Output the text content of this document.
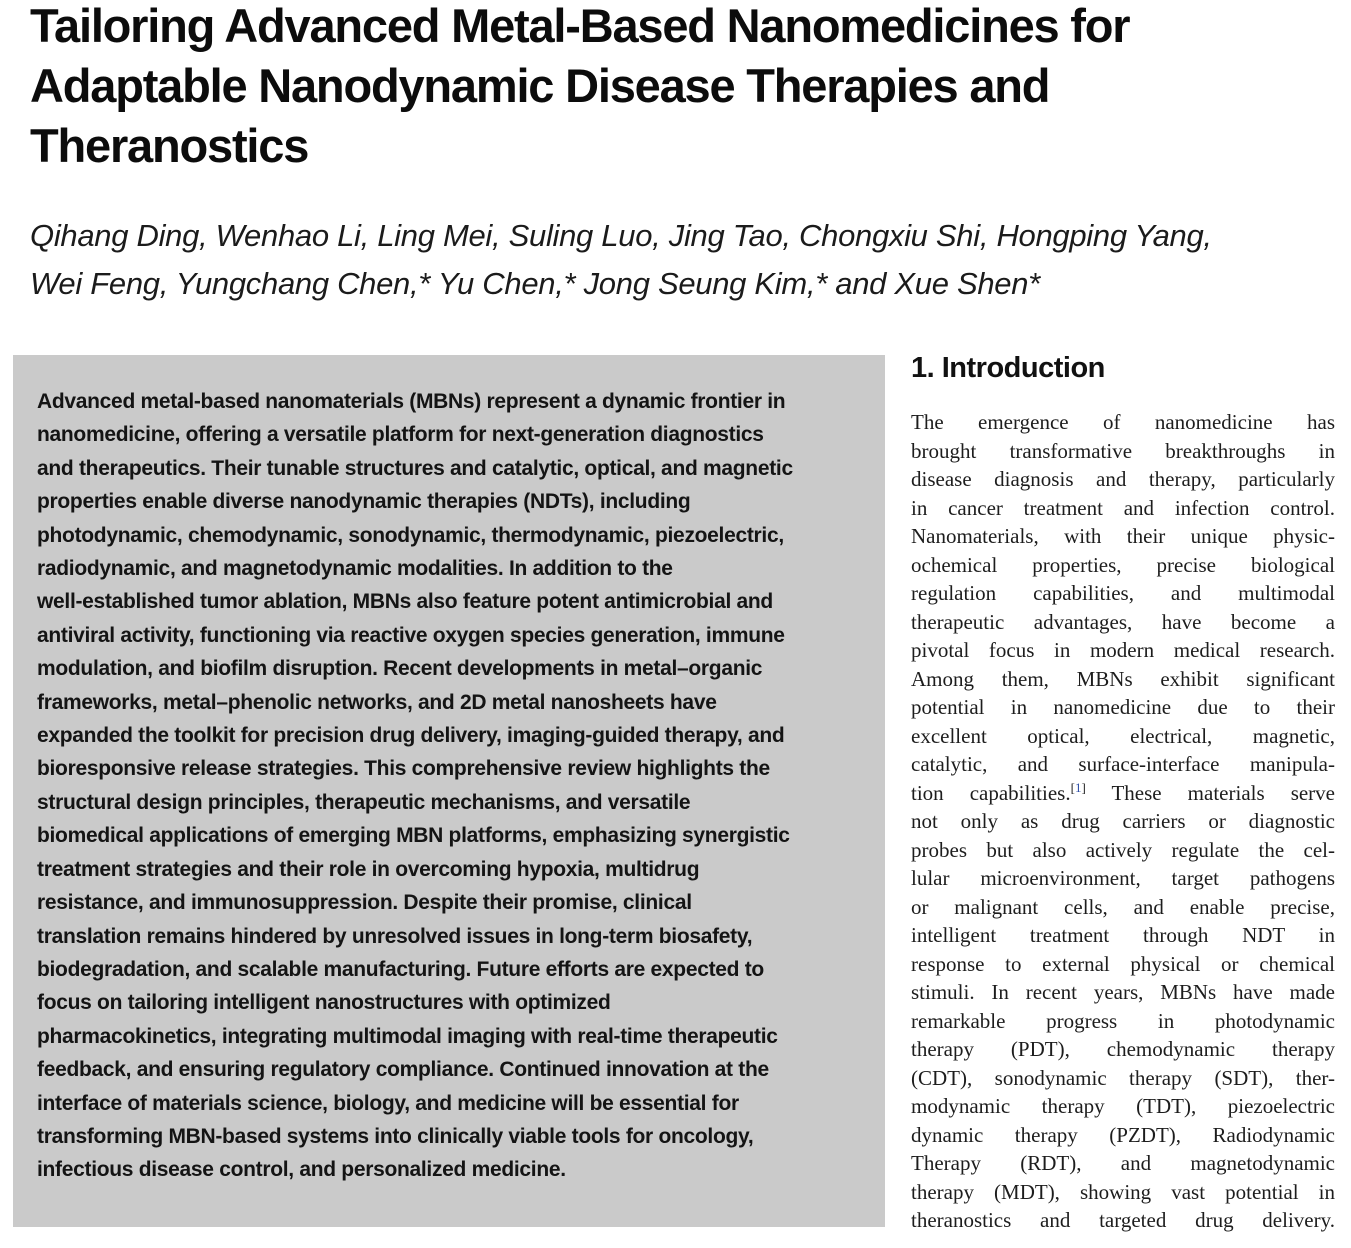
Tailoring Advanced Metal-Based Nanomedicines for
Adaptable Nanodynamic Disease Therapies and
Theranostics
Qihang Ding, Wenhao Li, Ling Mei, Suling Luo, Jing Tao, Chongxiu Shi, Hongping Yang,
Wei Feng, Yungchang Chen,* Yu Chen,* Jong Seung Kim,* and Xue Shen*
Advanced metal-based nanomaterials (MBNs) represent a dynamic frontier in
nanomedicine, offering a versatile platform for next-generation diagnostics
and therapeutics. Their tunable structures and catalytic, optical, and magnetic
properties enable diverse nanodynamic therapies (NDTs), including
photodynamic, chemodynamic, sonodynamic, thermodynamic, piezoelectric,
radiodynamic, and magnetodynamic modalities. In addition to the
well-established tumor ablation, MBNs also feature potent antimicrobial and
antiviral activity, functioning via reactive oxygen species generation, immune
modulation, and biofilm disruption. Recent developments in metal–organic
frameworks, metal–phenolic networks, and 2D metal nanosheets have
expanded the toolkit for precision drug delivery, imaging-guided therapy, and
bioresponsive release strategies. This comprehensive review highlights the
structural design principles, therapeutic mechanisms, and versatile
biomedical applications of emerging MBN platforms, emphasizing synergistic
treatment strategies and their role in overcoming hypoxia, multidrug
resistance, and immunosuppression. Despite their promise, clinical
translation remains hindered by unresolved issues in long-term biosafety,
biodegradation, and scalable manufacturing. Future efforts are expected to
focus on tailoring intelligent nanostructures with optimized
pharmacokinetics, integrating multimodal imaging with real-time therapeutic
feedback, and ensuring regulatory compliance. Continued innovation at the
interface of materials science, biology, and medicine will be essential for
transforming MBN-based systems into clinically viable tools for oncology,
infectious disease control, and personalized medicine.
1. Introduction
The emergence of nanomedicine has
brought transformative breakthroughs in
disease diagnosis and therapy, particularly
in cancer treatment and infection control.
Nanomaterials, with their unique physic-
ochemical properties, precise biological
regulation capabilities, and multimodal
therapeutic advantages, have become a
pivotal focus in modern medical research.
Among them, MBNs exhibit significant
potential in nanomedicine due to their
excellent optical, electrical, magnetic,
catalytic, and surface-interface manipula-
tion capabilities.[1] These materials serve
not only as drug carriers or diagnostic
probes but also actively regulate the cel-
lular microenvironment, target pathogens
or malignant cells, and enable precise,
intelligent treatment through NDT in
response to external physical or chemical
stimuli. In recent years, MBNs have made
remarkable progress in photodynamic
therapy (PDT), chemodynamic therapy
(CDT), sonodynamic therapy (SDT), ther-
modynamic therapy (TDT), piezoelectric
dynamic therapy (PZDT), Radiodynamic
Therapy (RDT), and magnetodynamic
therapy (MDT), showing vast potential in
theranostics and targeted drug delivery.
